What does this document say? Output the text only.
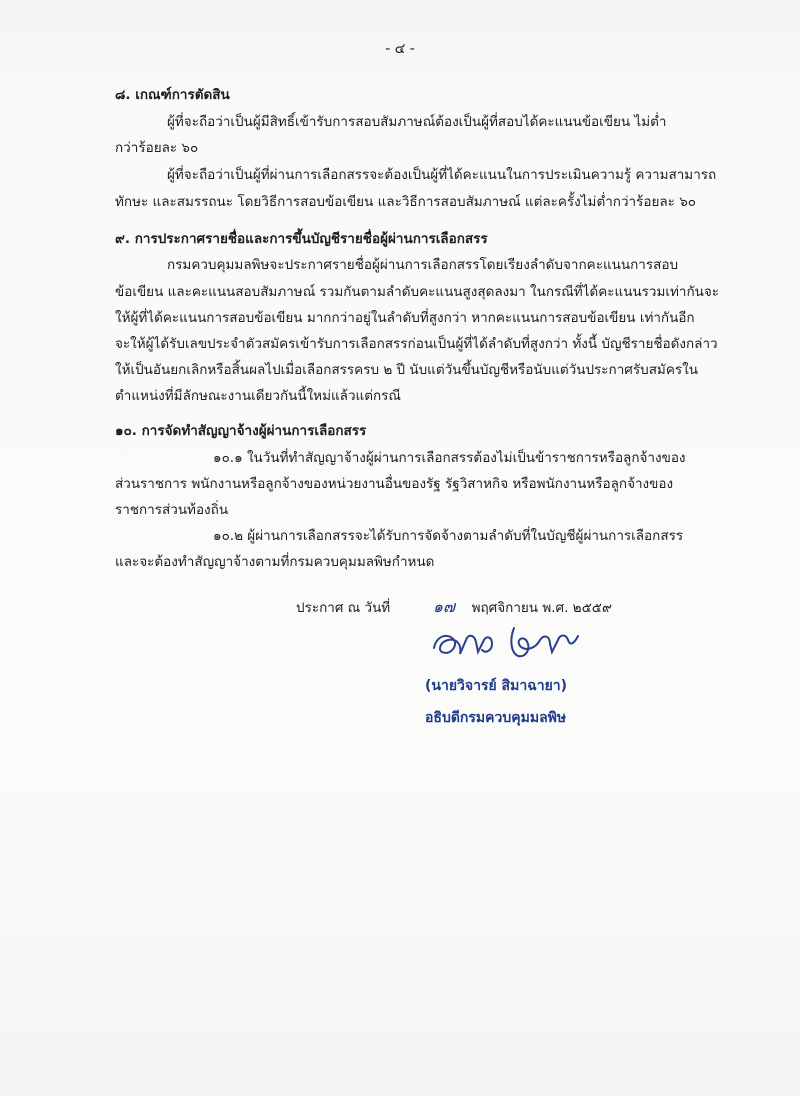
- ๔ -
๘. เกณฑ์การตัดสิน
ผู้ที่จะถือว่าเป็นผู้มีสิทธิ์เข้ารับการสอบสัมภาษณ์ต้องเป็นผู้ที่สอบได้คะแนนข้อเขียน ไม่ต่ำ
กว่าร้อยละ ๖๐
ผู้ที่จะถือว่าเป็นผู้ที่ผ่านการเลือกสรรจะต้องเป็นผู้ที่ได้คะแนนในการประเมินความรู้ ความสามารถ
ทักษะ และสมรรถนะ โดยวิธีการสอบข้อเขียน และวิธีการสอบสัมภาษณ์ แต่ละครั้งไม่ต่ำกว่าร้อยละ ๖๐
๙. การประกาศรายชื่อและการขึ้นบัญชีรายชื่อผู้ผ่านการเลือกสรร
กรมควบคุมมลพิษจะประกาศรายชื่อผู้ผ่านการเลือกสรรโดยเรียงลำดับจากคะแนนการสอบ
ข้อเขียน และคะแนนสอบสัมภาษณ์ รวมกันตามลำดับคะแนนสูงสุดลงมา ในกรณีที่ได้คะแนนรวมเท่ากันจะ
ให้ผู้ที่ได้คะแนนการสอบข้อเขียน มากกว่าอยู่ในลำดับที่สูงกว่า หากคะแนนการสอบข้อเขียน เท่ากันอีก
จะให้ผู้ได้รับเลขประจำตัวสมัครเข้ารับการเลือกสรรก่อนเป็นผู้ที่ได้ลำดับที่สูงกว่า ทั้งนี้ บัญชีรายชื่อดังกล่าว
ให้เป็นอันยกเลิกหรือสิ้นผลไปเมื่อเลือกสรรครบ ๒ ปี นับแต่วันขึ้นบัญชีหรือนับแต่วันประกาศรับสมัครใน
ตำแหน่งที่มีลักษณะงานเดียวกันนี้ใหม่แล้วแต่กรณี
๑๐. การจัดทำสัญญาจ้างผู้ผ่านการเลือกสรร
๑๐.๑ ในวันที่ทำสัญญาจ้างผู้ผ่านการเลือกสรรต้องไม่เป็นข้าราชการหรือลูกจ้างของ
ส่วนราชการ พนักงานหรือลูกจ้างของหน่วยงานอื่นของรัฐ รัฐวิสาหกิจ หรือพนักงานหรือลูกจ้างของ
ราชการส่วนท้องถิ่น
๑๐.๒ ผู้ผ่านการเลือกสรรจะได้รับการจัดจ้างตามลำดับที่ในบัญชีผู้ผ่านการเลือกสรร
และจะต้องทำสัญญาจ้างตามที่กรมควบคุมมลพิษกำหนด
ประกาศ ณ วันที่	๑๗ พฤศจิกายน พ.ศ. ๒๕๕๙
(นายวิจารย์ สิมาฉายา)
อธิบดีกรมควบคุมมลพิษ
